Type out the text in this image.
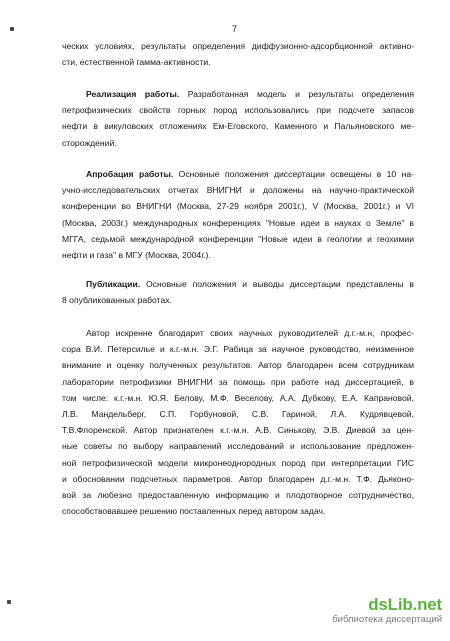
7

ческих условиях, результаты определения диффузионно-адсорбционной активно-

сти, естественной гамма-активности.

Реализация работы. Разработанная модель и результаты определения

петрофизических свойств горных пород использовались при подсчете запасов

нефти в викуловских отложениях Ем-Еговского, Каменного и Пальяновского ме-

сторождений.

Апробация работы. Основные положения диссертации освещены в 10 на-

учно-исследовательских отчетах ВНИГНИ и доложены на научно-практической

конференции во ВНИГНИ (Москва, 27-29 ноября 2001г.), V (Москва, 2001г.) и VI

(Москва, 2003г.) международных конференциях "Новые идеи в науках о Земле" в

МГГА, седьмой международной конференции "Новые идеи в геологии и геохимии

нефти и газа" в МГУ (Москва, 2004г.).

Публикации. Основные положения и выводы диссертации представлены в

8 опубликованных работах.

Автор искренне благодарит своих научных руководителей д.г.-м.н, профес-

сора В.И. Петерсилье и к.г.-м.н. Э.Г. Рабица за научное руководство, неизменное

внимание и оценку полученных результатов. Автор благодарен всем сотрудникам

лаборатории петрофизики ВНИГНИ за помощь при работе над диссертацией, в

том числе: к.г.-м.н. Ю.Я. Белову, М.Ф. Веселову, А.А. Дубкову, Е.А. Капрановой,

Л.В. Мандельберг, С.П. Горбуновой, С.В. Гариной, Л.А. Кудрявцевой,

Т.В.Флоренской. Автор признателен к.г.-м.н. А.В. Синькову, Э.В. Диевой за цен-

ные советы по выбору направлений исследований и использование предложен-

ной петрофизической модели микронеоднородных пород при интерпретации ГИС

и обосновании подсчетных параметров. Автор благодарен д.г.-м.н. Т.Ф. Дьяконо-

вой за любезно предоставленную информацию и плодотворное сотрудничество,

способствовавшее решению поставленных перед автором задач.

dsLib.net
библиотека диссертаций
